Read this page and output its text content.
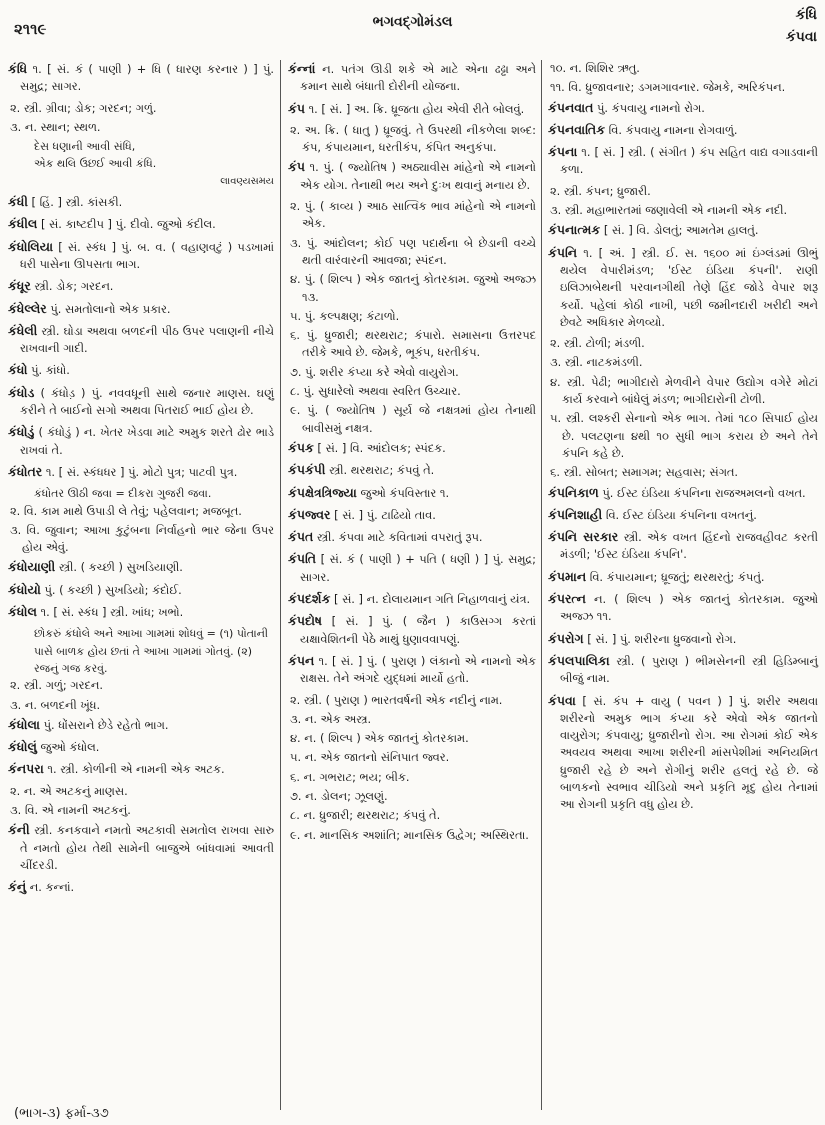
૨૧૧૯	ભગવદ્ગોમંડલ	કંધિ
કંપવા
કંધિ ૧. [ સં. કં ( પાણી ) + ધિ ( ધારણ કરનાર ) ] પું. સમુદ્ર; સાગર.
૨. સ્ત્રી. ગ્રીવા; ડોક; ગરદન; ગળું.
૩. ન. સ્થાન; સ્થળ.
દેસ ધણાની આવી સંધિ,
એક થલિ ઉછઈ આવી કંધિ.
લાવણ્યસમય
કંધી [ હિં. ] સ્ત્રી. કાંસકી.
કંધીલ [ સં. કાષ્ટદીપ ] પું. દીવો. જુઓ કંદીલ.
કંધોલિયા [ સં. સ્કંધ ] પું. બ. વ. ( વહાણવટું ) પડખામાં ધરી પાસેના ઊપસતા ભાગ.
કંધૂર સ્ત્રી. ડોક; ગરદન.
કંધેલ્લેર પું. સમતોલાનો એક પ્રકાર.
કંધેલી સ્ત્રી. ઘોડા અથવા બળદની પીઠ ઉપર પલાણની નીચે રાખવાની ગાદી.
કંધો પું. કાંધો.
કંધોડ ( કંધોડ઼ ) પું. નવવધૂની સાથે જનાર માણસ. ઘણું કરીને તે બાઈનો સગો અથવા પિતરાઈ ભાઈ હોય છે.
કંધોડું ( કંધોડું ) ન. ખેતર ખેડવા માટે અમુક શરતે ઢોર ભાડે રાખવાં તે.
કંધોતર ૧. [ સં. સ્કંધધર ] પું. મોટો પુત્ર; પાટવી પુત્ર.
કંધોતર ઊઠી જવા = દીકરા ગુજરી જવા.
૨. વિ. કામ માથે ઉપાડી લે તેવું; પહેલવાન; મજબૂત.
૩. વિ. જુવાન; આખા કુટુંબના નિર્વાહનો ભાર જેના ઉપર હોય એવું.
કંધોયાણી સ્ત્રી. ( કચ્છી ) સુખડિયાણી.
કંધોયો પું. ( કચ્છી ) સુખડિયો; કંદોઈ.
કંધોલ ૧. [ સં. સ્કંધ ] સ્ત્રી. ખાંધ; ખભો.
છોકરું કંધોલે અને આખા ગામમાં શોધવું = (૧) પોતાની પાસે બાળક હોય છતાં તે આખા ગામમાં ગોતવું. (૨) રજનું ગજ કરવું.
૨. સ્ત્રી. ગળું; ગરદન.
૩. ન. બળદની ખૂંધ.
કંધોલા પું. ધોંસરાને છેડે રહેતો ભાગ.
કંધોલું જુઓ કંધોલ.
કંનપરા ૧. સ્ત્રી. કોળીની એ નામની એક અટક.
૨. ન. એ અટકનું માણસ.
૩. વિ. એ નામની અટકનું.
કંની સ્ત્રી. કનકવાને નમતો અટકાવી સમતોલ રાખવા સારુ તે નમતો હોય તેથી સામેની બાજુએ બાંધવામાં આવતી ચીંદરડી.
કંનું ન. કન્નાં.
કંન્નાં ન. પતંગ ઊડી શકે એ માટે એના ઢઢ્ઢા અને કમાન સાથે બંધાતી દોરીની યોજના.
કંપ ૧. [ સં. ] અ. ક્રિ. ધ્રૂજતા હોય એવી રીતે બોલવું.
૨. અ. ક્રિ. ( ધાતુ ) ધ્રૂજવું. તે ઉપરથી નીકળેલા શબ્દ: કંપ, કંપાયમાન, ધરતીકંપ, કંપિત અનુકંપા.
કંપ ૧. પું. ( જ્યોતિષ ) અઠ્યાવીસ માંહેનો એ નામનો એક યોગ. તેનાથી ભય અને દુઃખ થવાનું મનાય છે.
૨. પું. ( કાવ્ય ) આઠ સાત્વિક ભાવ માંહેનો એ નામનો એક.
૩. પું. આંદોલન; કોઈ પણ પદાર્થના બે છેડાની વચ્ચે થતી વારંવારની આવજા; સ્પંદન.
૪. પું. ( શિલ્પ ) એક જાતનું કોતરકામ. જુઓ અજ્ઝ ૧૩.
૫. પું. કલ્પક્ષણ; કંટાળો.
૬. પું. ધ્રુજારી; થરથરાટ; કંપારો. સમાસના ઉત્તરપદ તરીકે આવે છે. જેમકે, ભૂકંપ, ધરતીકંપ.
૭. પું. શરીર કંપ્યા કરે એવો વાયુરોગ.
૮. પું. સુધારેલો અથવા સ્વરિત ઉચ્ચાર.
૯. પું. ( જ્યોતિષ ) સૂર્ય જે નક્ષત્રમાં હોય તેનાથી બાવીસમું નક્ષત્ર.
કંપક [ સં. ] વિ. આંદોલક; સ્પંદક.
કંપકંપી સ્ત્રી. થરથરાટ; કંપવું તે.
કંપક્ષેત્રત્રિજ્યા જુઓ કંપવિસ્તાર ૧.
કંપજ્વર [ સં. ] પું. ટાઢિયો તાવ.
કંપત સ્ત્રી. કંપવા માટે કવિતામાં વપરાતું રૂપ.
કંપતિ [ સં. કં ( પાણી ) + પતિ ( ધણી ) ] પું. સમુદ્ર; સાગર.
કંપદર્શક [ સં. ] ન. દોલાયમાન ગતિ નિહાળવાનું યંત્ર.
કંપદોષ [ સં. ] પું. ( જૈન ) કાઉસગ્ગ કરતાં યક્ષાવેશિતની પેઠે માથું ધુણાવવાપણું.
કંપન ૧. [ સં. ] પું. ( પુરાણ ) લંકાનો એ નામનો એક રાક્ષસ. તેને અંગદે યુદ્ધમાં માર્યો હતો.
૨. સ્ત્રી. ( પુરાણ ) ભારતવર્ષની એક નદીનું નામ.
૩. ન. એક અસ્ત્ર.
૪. ન. ( શિલ્પ ) એક જાતનું કોતરકામ.
૫. ન. એક જાતનો સંનિપાત જ્વર.
૬. ન. ગભરાટ; ભય; બીક.
૭. ન. ડોલન; ઝૂલણું.
૮. ન. ધ્રુજારી; થરથરાટ; કંપવું તે.
૯. ન. માનસિક અશાંતિ; માનસિક ઉદ્વેગ; અસ્થિરતા.
૧૦. ન. શિશિર ઋતુ.
૧૧. વિ. ધ્રુજાવનાર; ડગમગાવનાર. જેમકે, અરિકંપન.
કંપનવાત પું. કંપવાયુ નામનો રોગ.
કંપનવાતિક વિ. કંપવાયુ નામના રોગવાળું.
કંપના ૧. [ સં. ] સ્ત્રી. ( સંગીત ) કંપ સહિત વાદ્ય વગાડવાની કળા.
૨. સ્ત્રી. કંપન; ધ્રુજારી.
૩. સ્ત્રી. મહાભારતમાં જણાવેલી એ નામની એક નદી.
કંપનાત્મક [ સં. ] વિ. ડોલતું; આમતેમ હાલતું.
કંપનિ ૧. [ અં. ] સ્ત્રી. ઈ. સ. ૧૬૦૦ માં ઇંગ્લંડમાં ઊભું થયેલ વેપારીમંડળ; 'ઈસ્ટ ઇંડિયા કંપની'. રાણી ઇલિઝાબેથની પરવાનગીથી તેણે હિંદ જોડે વેપાર શરૂ કર્યો. પહેલાં કોઠી નાખી, પછી જમીનદારી ખરીદી અને છેવટે અધિકાર મેળવ્યો.
૨. સ્ત્રી. ટોળી; મંડળી.
૩. સ્ત્રી. નાટકમંડળી.
૪. સ્ત્રી. પેઢી; ભાગીદારો મેળવીને વેપાર ઉદ્યોગ વગેરે મોટાં કાર્ય કરવાને બાંધેલું મંડળ; ભાગીદારોની ટોળી.
૫. સ્ત્રી. લશ્કરી સેનાનો એક ભાગ. તેમાં ૧૮૦ સિપાઈ હોય છે. પલટણના ૪થી ૧૦ સુધી ભાગ કરાય છે અને તેને કંપનિ કહે છે.
૬. સ્ત્રી. સોબત; સમાગમ; સહવાસ; સંગત.
કંપનિકાળ પું. ઈસ્ટ ઇંડિયા કંપનિના રાજઅમલનો વખત.
કંપનિશાહી વિ. ઈસ્ટ ઇંડિયા કંપનિના વખતનું.
કંપનિ સરકાર સ્ત્રી. એક વખત હિંદનો રાજવહીવટ કરતી મંડળી; 'ઈસ્ટ ઇંડિયા કંપનિ'.
કંપમાન વિ. કંપાયમાન; ધ્રૂજતું; થરથરતું; કંપતું.
કંપરત્ન ન. ( શિલ્પ ) એક જાતનું કોતરકામ. જુઓ અજ્ઝ ૧૧.
કંપરોગ [ સં. ] પું. શરીરના ધ્રુજવાનો રોગ.
કંપલપાલિકા સ્ત્રી. ( પુરાણ ) ભીમસેનની સ્ત્રી હિડિમ્બાનું બીજું નામ.
કંપવા [ સં. કંપ + વાયુ ( પવન ) ] પું. શરીર અથવા શરીરનો અમુક ભાગ કંપ્યા કરે એવો એક જાતનો વાયુરોગ; કંપવાયુ; ધ્રુજારીનો રોગ. આ રોગમાં કોઈ એક અવયવ અથવા આખા શરીરની માંસપેશીમાં અનિયમિત ધ્રુજારી રહે છે અને રોગીનું શરીર હલતું રહે છે. જે બાળકનો સ્વભાવ ચીડિયો અને પ્રકૃતિ મૃદુ હોય તેનામાં આ રોગની પ્રકૃતિ વધુ હોય છે.
(ભાગ-૩) ફર્મા-૩૭
